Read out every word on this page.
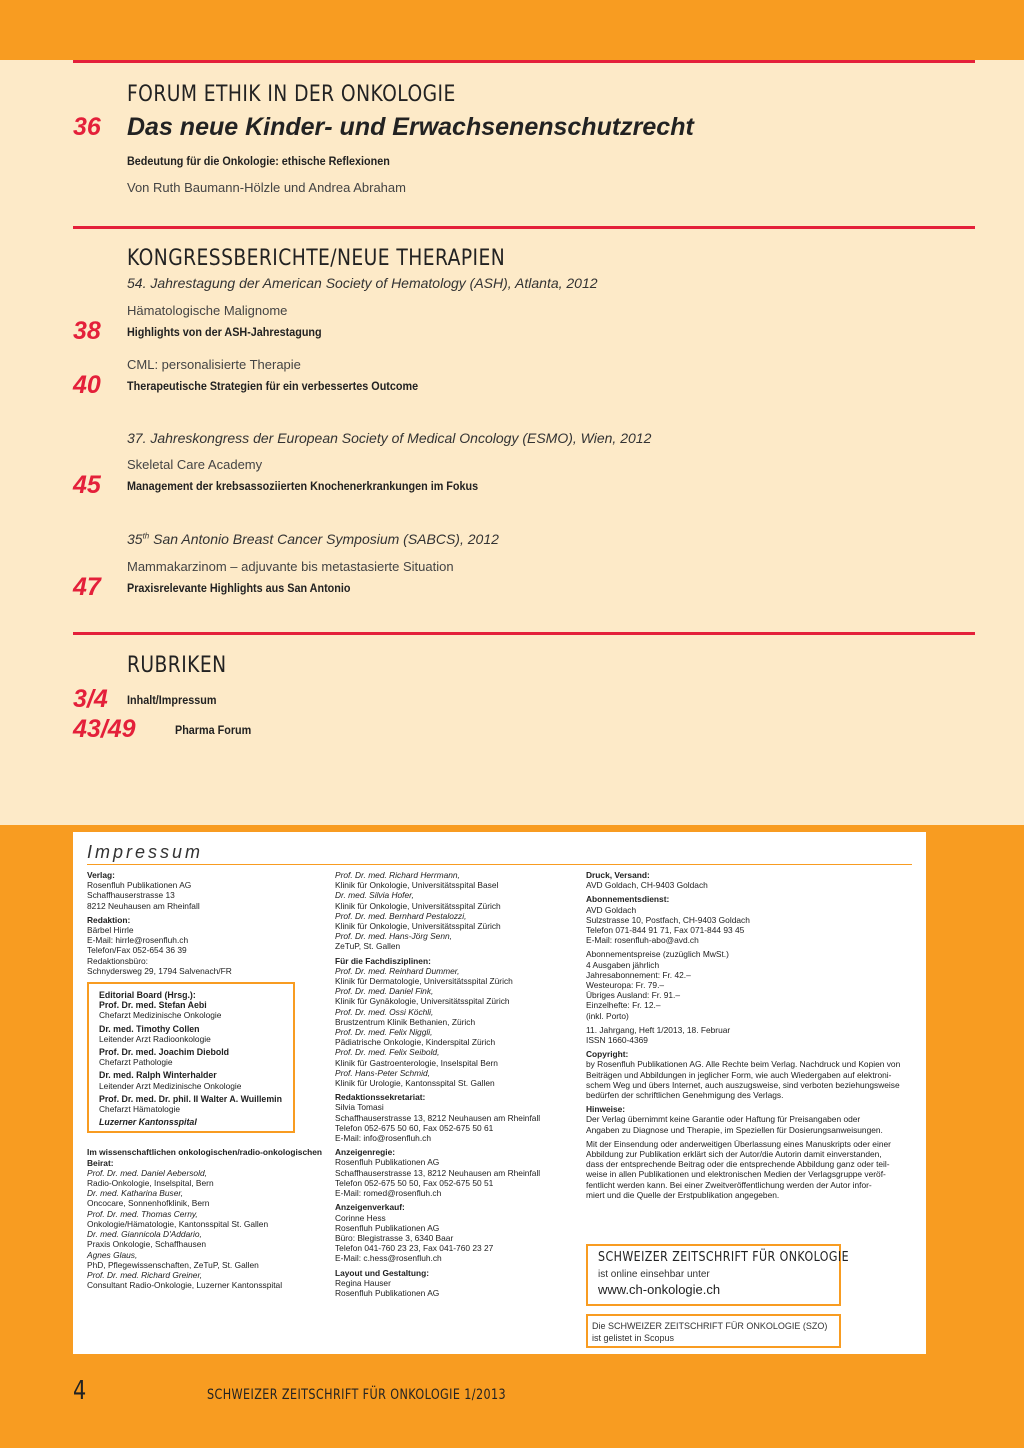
FORUM ETHIK IN DER ONKOLOGIE
36 Das neue Kinder- und Erwachsenenschutzrecht
Bedeutung für die Onkologie: ethische Reflexionen
Von Ruth Baumann-Hölzle und Andrea Abraham
KONGRESSBERICHTE/NEUE THERAPIEN
54. Jahrestagung der American Society of Hematology (ASH), Atlanta, 2012
Hämatologische Malignome
38 Highlights von der ASH-Jahrestagung
CML: personalisierte Therapie
40 Therapeutische Strategien für ein verbessertes Outcome
37. Jahreskongress der European Society of Medical Oncology (ESMO), Wien, 2012
Skeletal Care Academy
45 Management der krebsassoziierten Knochenerkrankungen im Fokus
35th San Antonio Breast Cancer Symposium (SABCS), 2012
Mammakarzinom – adjuvante bis metastasierte Situation
47 Praxisrelevante Highlights aus San Antonio
RUBRIKEN
3/4 Inhalt/Impressum
43/49	Pharma Forum
Impressum

Verlag:

Rosenfluh Publikationen AG

Schaffhauserstrasse 13

8212 Neuhausen am Rheinfall

Redaktion:

Bärbel Hirrle

E-Mail: hirrle@rosenfluh.ch

Telefon/Fax 052-654 36 39

Redaktionsbüro:

Schnydersweg 29, 1794 Salvenach/FR

Editorial Board (Hrsg.):

Prof. Dr. med. Stefan Aebi

Chefarzt Medizinische Onkologie

Dr. med. Timothy Collen

Leitender Arzt Radioonkologie

Prof. Dr. med. Joachim Diebold

Chefarzt Pathologie

Dr. med. Ralph Winterhalder

Leitender Arzt Medizinische Onkologie

Prof. Dr. med. Dr. phil. II Walter A. Wuillemin

Chefarzt Hämatologie

Luzerner Kantonsspital

Im wissenschaftlichen onkologischen/radio-onkologischen Beirat:

Prof. Dr. med. Daniel Aebersold,

Radio-Onkologie, Inselspital, Bern

Dr. med. Katharina Buser,

Oncocare, Sonnenhofklinik, Bern

Prof. Dr. med. Thomas Cerny,

Onkologie/Hämatologie, Kantonsspital St. Gallen

Dr. med. Giannicola D'Addario,

Praxis Onkologie, Schaffhausen

Agnes Glaus,

PhD, Pflegewissenschaften, ZeTuP, St. Gallen

Prof. Dr. med. Richard Greiner,

Consultant Radio-Onkologie, Luzerner Kantonsspital

Prof. Dr. med. Richard Herrmann,

Klinik für Onkologie, Universitätsspital Basel

Dr. med. Silvia Hofer,

Klinik für Onkologie, Universitätsspital Zürich

Prof. Dr. med. Bernhard Pestalozzi,

Klinik für Onkologie, Universitätsspital Zürich

Prof. Dr. med. Hans-Jörg Senn,

ZeTuP, St. Gallen

Für die Fachdisziplinen:

Prof. Dr. med. Reinhard Dummer,

Klinik für Dermatologie, Universitätsspital Zürich

Prof. Dr. med. Daniel Fink,

Klinik für Gynäkologie, Universitätsspital Zürich

Prof. Dr. med. Ossi Köchli,

Brustzentrum Klinik Bethanien, Zürich

Prof. Dr. med. Felix Niggli,

Pädiatrische Onkologie, Kinderspital Zürich

Prof. Dr. med. Felix Seibold,

Klinik für Gastroenterologie, Inselspital Bern

Prof. Hans-Peter Schmid,

Klinik für Urologie, Kantonsspital St. Gallen

Redaktionssekretariat:

Silvia Tomasi

Schaffhauserstrasse 13, 8212 Neuhausen am Rheinfall

Telefon 052-675 50 60, Fax 052-675 50 61

E-Mail: info@rosenfluh.ch

Anzeigenregie:

Rosenfluh Publikationen AG

Schaffhauserstrasse 13, 8212 Neuhausen am Rheinfall

Telefon 052-675 50 50, Fax 052-675 50 51

E-Mail: romed@rosenfluh.ch

Anzeigenverkauf:

Corinne Hess

Rosenfluh Publikationen AG

Büro: Blegistrasse 3, 6340 Baar

Telefon 041-760 23 23, Fax 041-760 23 27

E-Mail: c.hess@rosenfluh.ch

Layout und Gestaltung:

Regina Hauser

Rosenfluh Publikationen AG

Druck, Versand:

AVD Goldach, CH-9403 Goldach

Abonnementsdienst:

AVD Goldach

Sulzstrasse 10, Postfach, CH-9403 Goldach

Telefon 071-844 91 71, Fax 071-844 93 45

E-Mail: rosenfluh-abo@avd.ch

Abonnementspreise (zuzüglich MwSt.)

4 Ausgaben jährlich

Jahresabonnement: Fr. 42.–

Westeuropa: Fr. 79.–

Übriges Ausland: Fr. 91.–

Einzelhefte: Fr. 12.–

(inkl. Porto)

11. Jahrgang, Heft 1/2013, 18. Februar

ISSN 1660-4369

Copyright:

by Rosenfluh Publikationen AG. Alle Rechte beim Verlag. Nachdruck und Kopien von

Beiträgen und Abbildungen in jeglicher Form, wie auch Wiedergaben auf elektroni-

schem Weg und übers Internet, auch auszugsweise, sind verboten beziehungsweise

bedürfen der schriftlichen Genehmigung des Verlags.

Hinweise:

Der Verlag übernimmt keine Garantie oder Haftung für Preisangaben oder

Angaben zu Diagnose und Therapie, im Speziellen für Dosierungsanweisungen.

Mit der Einsendung oder anderweitigen Überlassung eines Manuskripts oder einer

Abbildung zur Publikation erklärt sich der Autor/die Autorin damit einverstanden,

dass der entsprechende Beitrag oder die entsprechende Abbildung ganz oder teil-

weise in allen Publikationen und elektronischen Medien der Verlagsgruppe veröf-

fentlicht werden kann. Bei einer Zweitveröffentlichung werden der Autor infor-

miert und die Quelle der Erstpublikation angegeben.

SCHWEIZER ZEITSCHRIFT FÜR ONKOLOGIE
ist online einsehbar unter
www.ch-onkologie.ch
Die SCHWEIZER ZEITSCHRIFT FÜR ONKOLOGIE (SZO)
ist gelistet in Scopus
4	SCHWEIZER ZEITSCHRIFT FÜR ONKOLOGIE 1/2013
